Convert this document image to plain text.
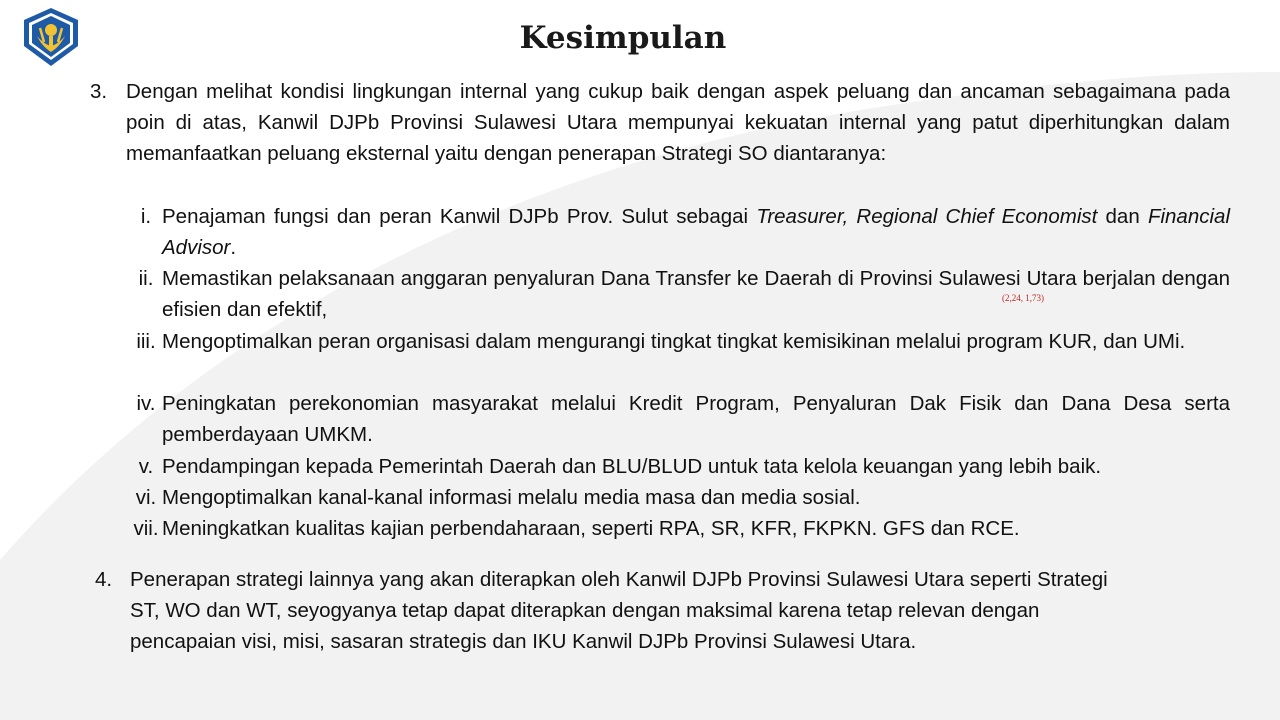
Kesimpulan
3. Dengan melihat kondisi lingkungan internal yang cukup baik dengan aspek peluang dan ancaman sebagaimana pada poin di atas, Kanwil DJPb Provinsi Sulawesi Utara mempunyai kekuatan internal yang patut diperhitungkan dalam memanfaatkan peluang eksternal yaitu dengan penerapan Strategi SO diantaranya:
i. Penajaman fungsi dan peran Kanwil DJPb Prov. Sulut sebagai Treasurer, Regional Chief Economist dan Financial Advisor.
ii. Memastikan pelaksanaan anggaran penyaluran Dana Transfer ke Daerah di Provinsi Sulawesi Utara berjalan dengan efisien dan efektif,
(2,24, 1,73)
iii. Mengoptimalkan peran organisasi dalam mengurangi tingkat tingkat kemisikinan melalui program KUR, dan UMi.
iv. Peningkatan perekonomian masyarakat melalui Kredit Program, Penyaluran Dak Fisik dan Dana Desa serta pemberdayaan UMKM.
v. Pendampingan kepada Pemerintah Daerah dan BLU/BLUD untuk tata kelola keuangan yang lebih baik.
vi. Mengoptimalkan kanal-kanal informasi melalu media masa dan media sosial.
vii. Meningkatkan kualitas kajian perbendaharaan, seperti RPA, SR, KFR, FKPKN. GFS dan RCE.
4. Penerapan strategi lainnya yang akan diterapkan oleh Kanwil DJPb Provinsi Sulawesi Utara seperti Strategi
ST, WO dan WT, seyogyanya tetap dapat diterapkan dengan maksimal karena tetap relevan dengan
pencapaian visi, misi, sasaran strategis dan IKU Kanwil DJPb Provinsi Sulawesi Utara.
